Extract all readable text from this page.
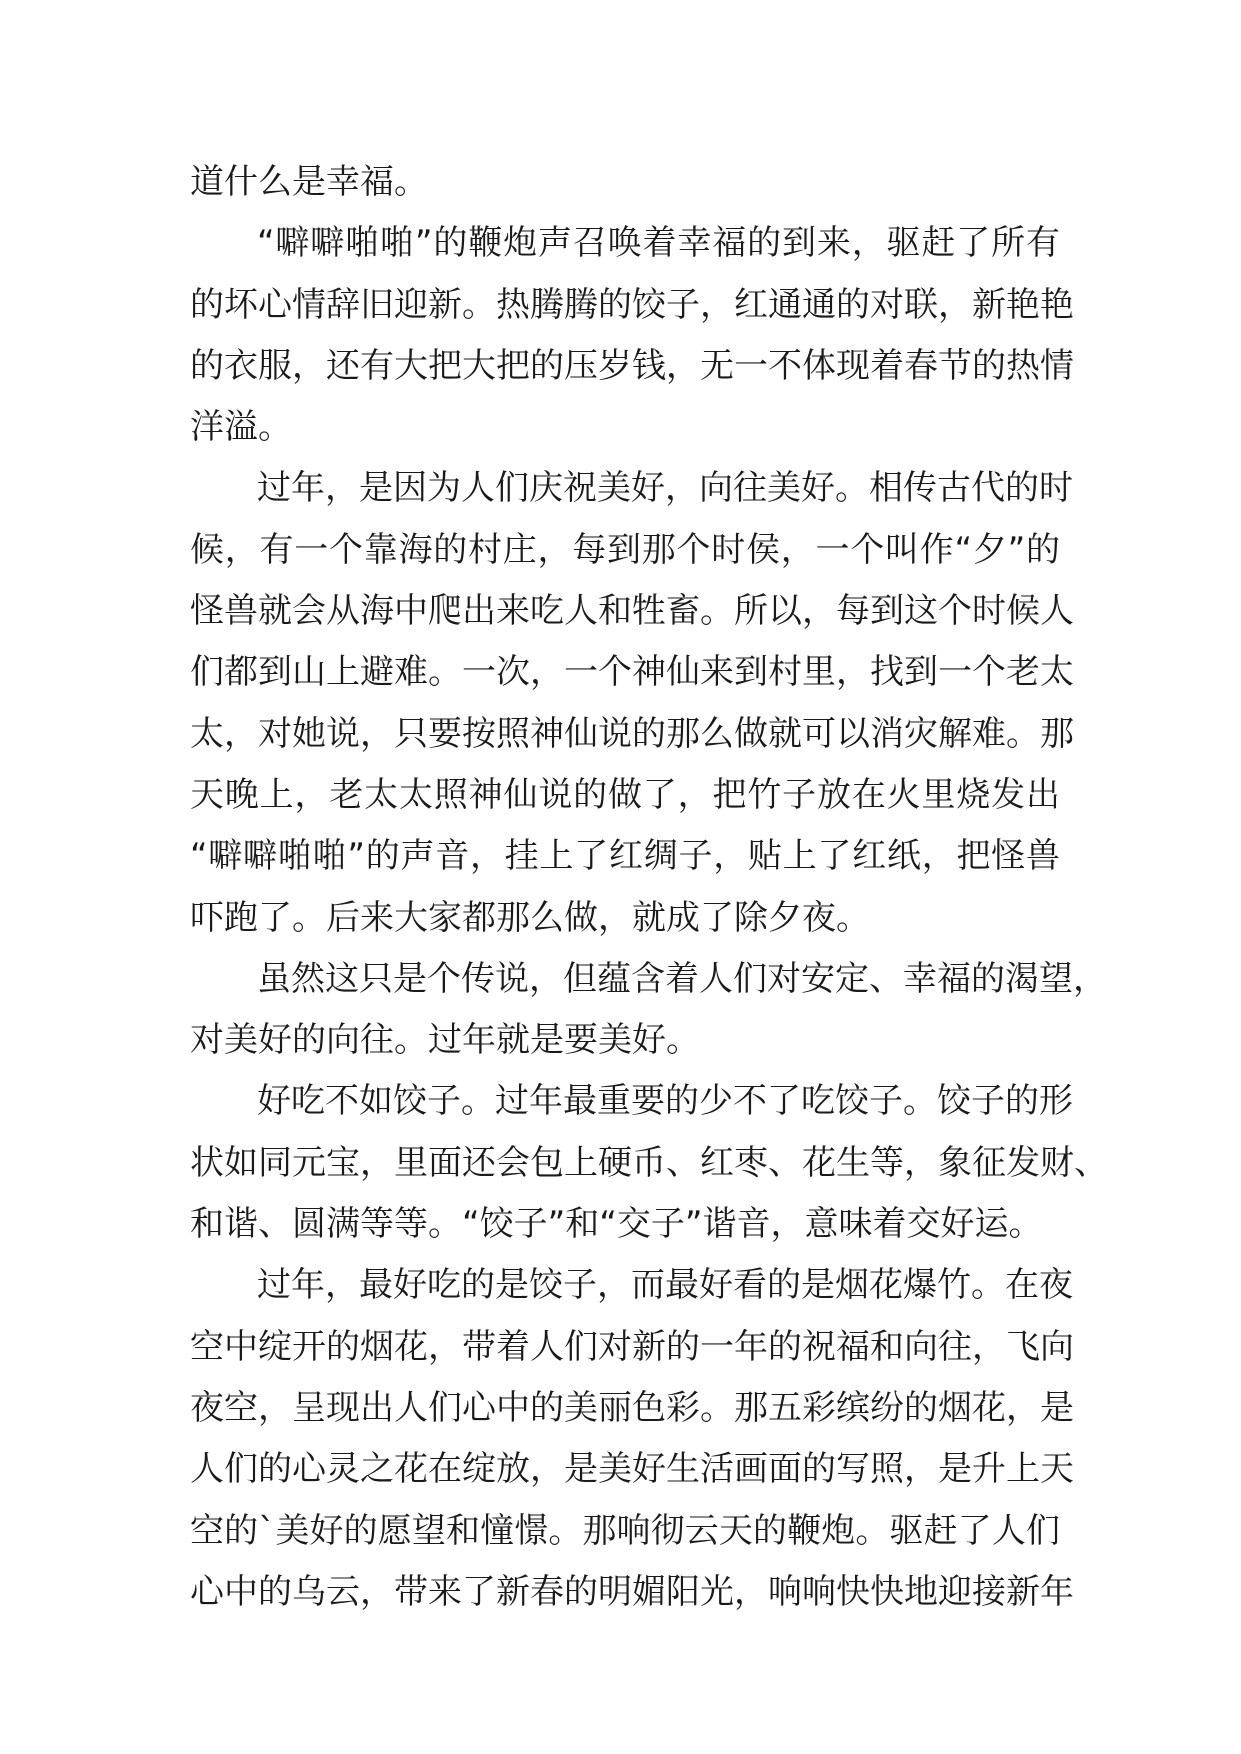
道什么是幸福。
“噼噼啪啪”的鞭炮声召唤着幸福的到来，驱赶了所有
的坏心情辞旧迎新。热腾腾的饺子，红通通的对联，新艳艳
的衣服，还有大把大把的压岁钱，无一不体现着春节的热情
洋溢。
过年，是因为人们庆祝美好，向往美好。相传古代的时
候，有一个靠海的村庄，每到那个时侯，一个叫作“夕”的
怪兽就会从海中爬出来吃人和牲畜。所以，每到这个时候人
们都到山上避难。一次，一个神仙来到村里，找到一个老太
太，对她说，只要按照神仙说的那么做就可以消灾解难。那
天晚上，老太太照神仙说的做了，把竹子放在火里烧发出
“噼噼啪啪”的声音，挂上了红绸子，贴上了红纸，把怪兽
吓跑了。后来大家都那么做，就成了除夕夜。
虽然这只是个传说，但蕴含着人们对安定、幸福的渴望，
对美好的向往。过年就是要美好。
好吃不如饺子。过年最重要的少不了吃饺子。饺子的形
状如同元宝，里面还会包上硬币、红枣、花生等，象征发财、
和谐、圆满等等。“饺子”和“交子”谐音，意味着交好运。
过年，最好吃的是饺子，而最好看的是烟花爆竹。在夜
空中绽开的烟花，带着人们对新的一年的祝福和向往，飞向
夜空，呈现出人们心中的美丽色彩。那五彩缤纷的烟花，是
人们的心灵之花在绽放，是美好生活画面的写照，是升上天
空的`美好的愿望和憧憬。那响彻云天的鞭炮。驱赶了人们
心中的乌云，带来了新春的明媚阳光，响响快快地迎接新年
